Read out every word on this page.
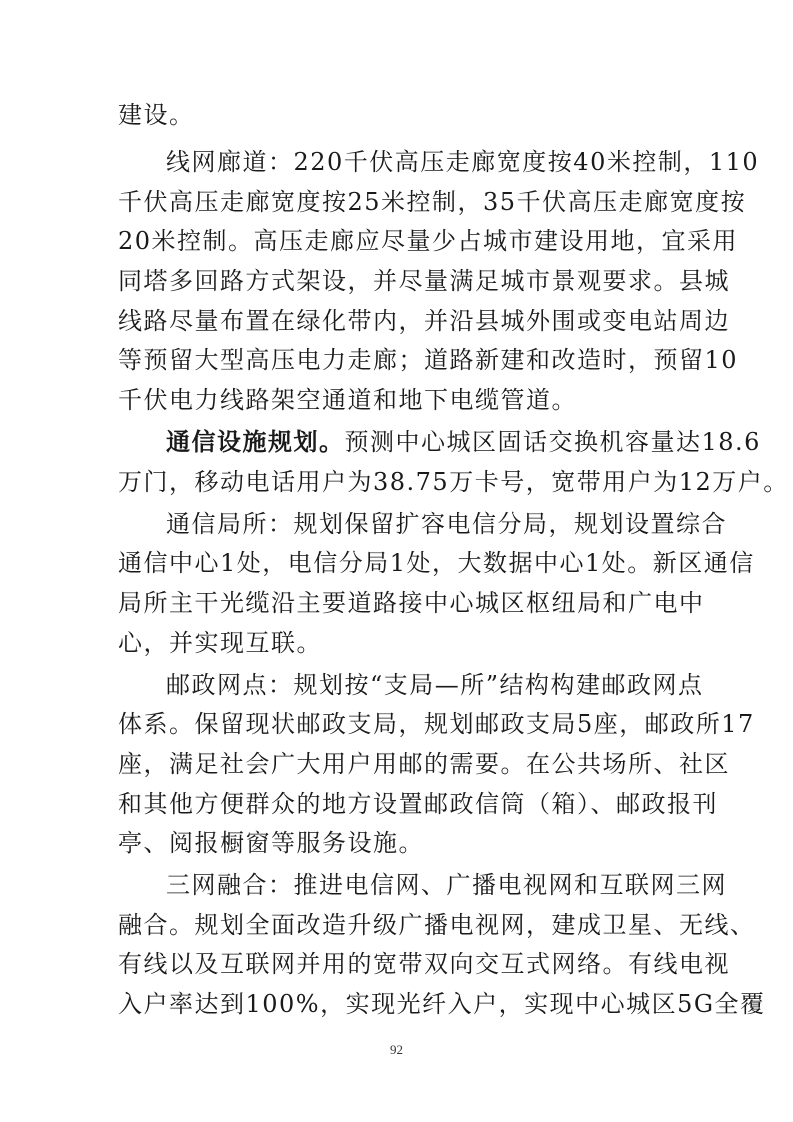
建设。
线网廊道：220千伏高压走廊宽度按40米控制，110
千伏高压走廊宽度按25米控制，35千伏高压走廊宽度按
20米控制。高压走廊应尽量少占城市建设用地，宜采用
同塔多回路方式架设，并尽量满足城市景观要求。县城
线路尽量布置在绿化带内，并沿县城外围或变电站周边
等预留大型高压电力走廊；道路新建和改造时，预留10
千伏电力线路架空通道和地下电缆管道。
通信设施规划。预测中心城区固话交换机容量达18.6
万门，移动电话用户为38.75万卡号，宽带用户为12万户。
通信局所：规划保留扩容电信分局，规划设置综合
通信中心1处，电信分局1处，大数据中心1处。新区通信
局所主干光缆沿主要道路接中心城区枢纽局和广电中
心，并实现互联。
邮政网点：规划按“支局—所”结构构建邮政网点
体系。保留现状邮政支局，规划邮政支局5座，邮政所17
座，满足社会广大用户用邮的需要。在公共场所、社区
和其他方便群众的地方设置邮政信筒（箱）、邮政报刊
亭、阅报橱窗等服务设施。
三网融合：推进电信网、广播电视网和互联网三网
融合。规划全面改造升级广播电视网，建成卫星、无线、
有线以及互联网并用的宽带双向交互式网络。有线电视
入户率达到100%，实现光纤入户，实现中心城区5G全覆
92
